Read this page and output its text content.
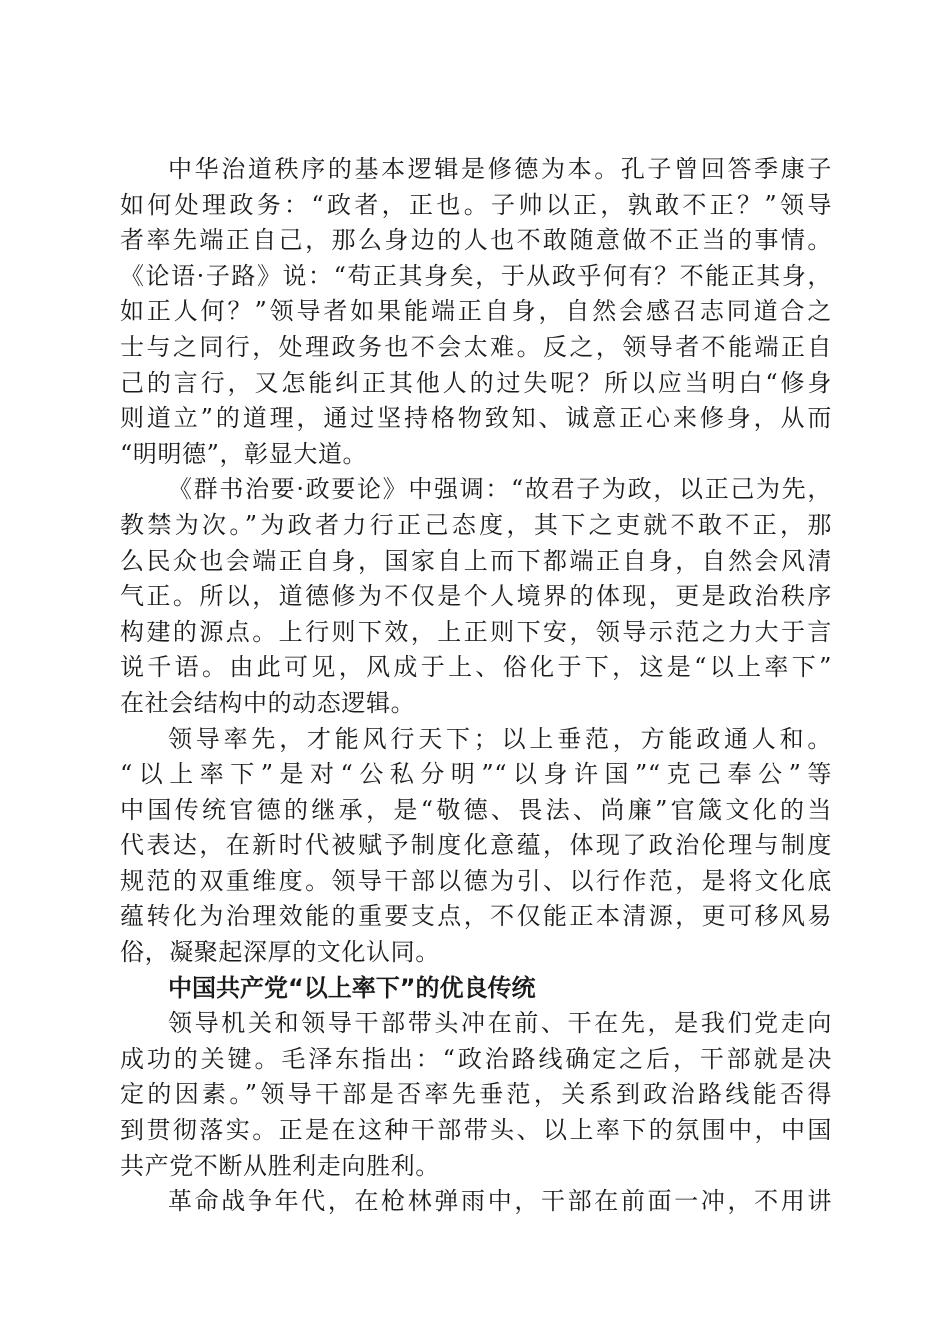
中华治道秩序的基本逻辑是修德为本。孔子曾回答季康子
如何处理政务：“政者，正也。子帅以正，孰敢不正？”领导
者率先端正自己，那么身边的人也不敢随意做不正当的事情。
《论语·子路》说：“苟正其身矣，于从政乎何有？不能正其身，
如正人何？”领导者如果能端正自身，自然会感召志同道合之
士与之同行，处理政务也不会太难。反之，领导者不能端正自
己的言行，又怎能纠正其他人的过失呢？所以应当明白“修身
则道立”的道理，通过坚持格物致知、诚意正心来修身，从而
“明明德”，彰显大道。
《群书治要·政要论》中强调：“故君子为政，以正己为先，
教禁为次。”为政者力行正己态度，其下之吏就不敢不正，那
么民众也会端正自身，国家自上而下都端正自身，自然会风清
气正。所以，道德修为不仅是个人境界的体现，更是政治秩序
构建的源点。上行则下效，上正则下安，领导示范之力大于言
说千语。由此可见，风成于上、俗化于下，这是“以上率下”
在社会结构中的动态逻辑。
领导率先，才能风行天下；以上垂范，方能政通人和。
“以上率下”是对“公私分明”“以身许国”“克己奉公”等
中国传统官德的继承，是“敬德、畏法、尚廉”官箴文化的当
代表达，在新时代被赋予制度化意蕴，体现了政治伦理与制度
规范的双重维度。领导干部以德为引、以行作范，是将文化底
蕴转化为治理效能的重要支点，不仅能正本清源，更可移风易
俗，凝聚起深厚的文化认同。
中国共产党“以上率下”的优良传统
领导机关和领导干部带头冲在前、干在先，是我们党走向
成功的关键。毛泽东指出：“政治路线确定之后，干部就是决
定的因素。”领导干部是否率先垂范，关系到政治路线能否得
到贯彻落实。正是在这种干部带头、以上率下的氛围中，中国
共产党不断从胜利走向胜利。
革命战争年代，在枪林弹雨中，干部在前面一冲，不用讲
